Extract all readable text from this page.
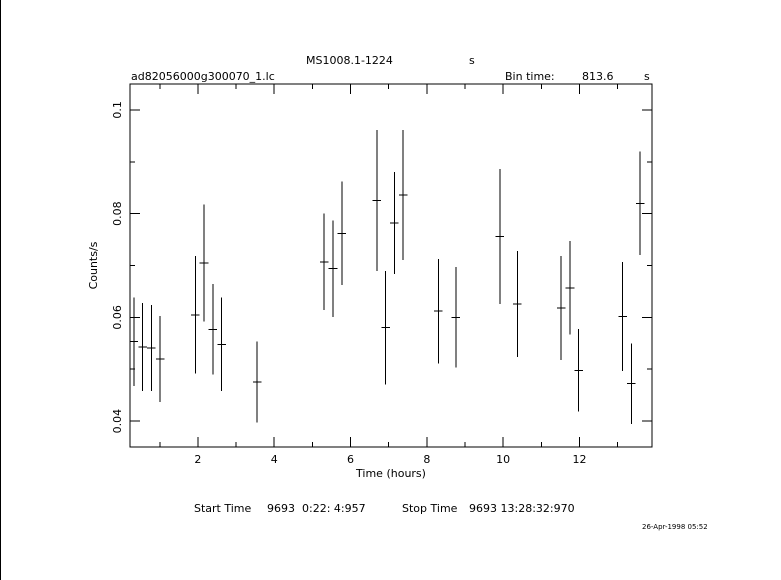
MS1008.1-1224	s
ad82056000g300070_1.lc	Bin time: 813.6	s
Time (hours)
Counts/s
2	4	6	8	10	12
0.04
0.06
0.08
0.1
Start Time 9693  0:22: 4:957	Stop Time 9693 13:28:32:970
26-Apr-1998 05:52
